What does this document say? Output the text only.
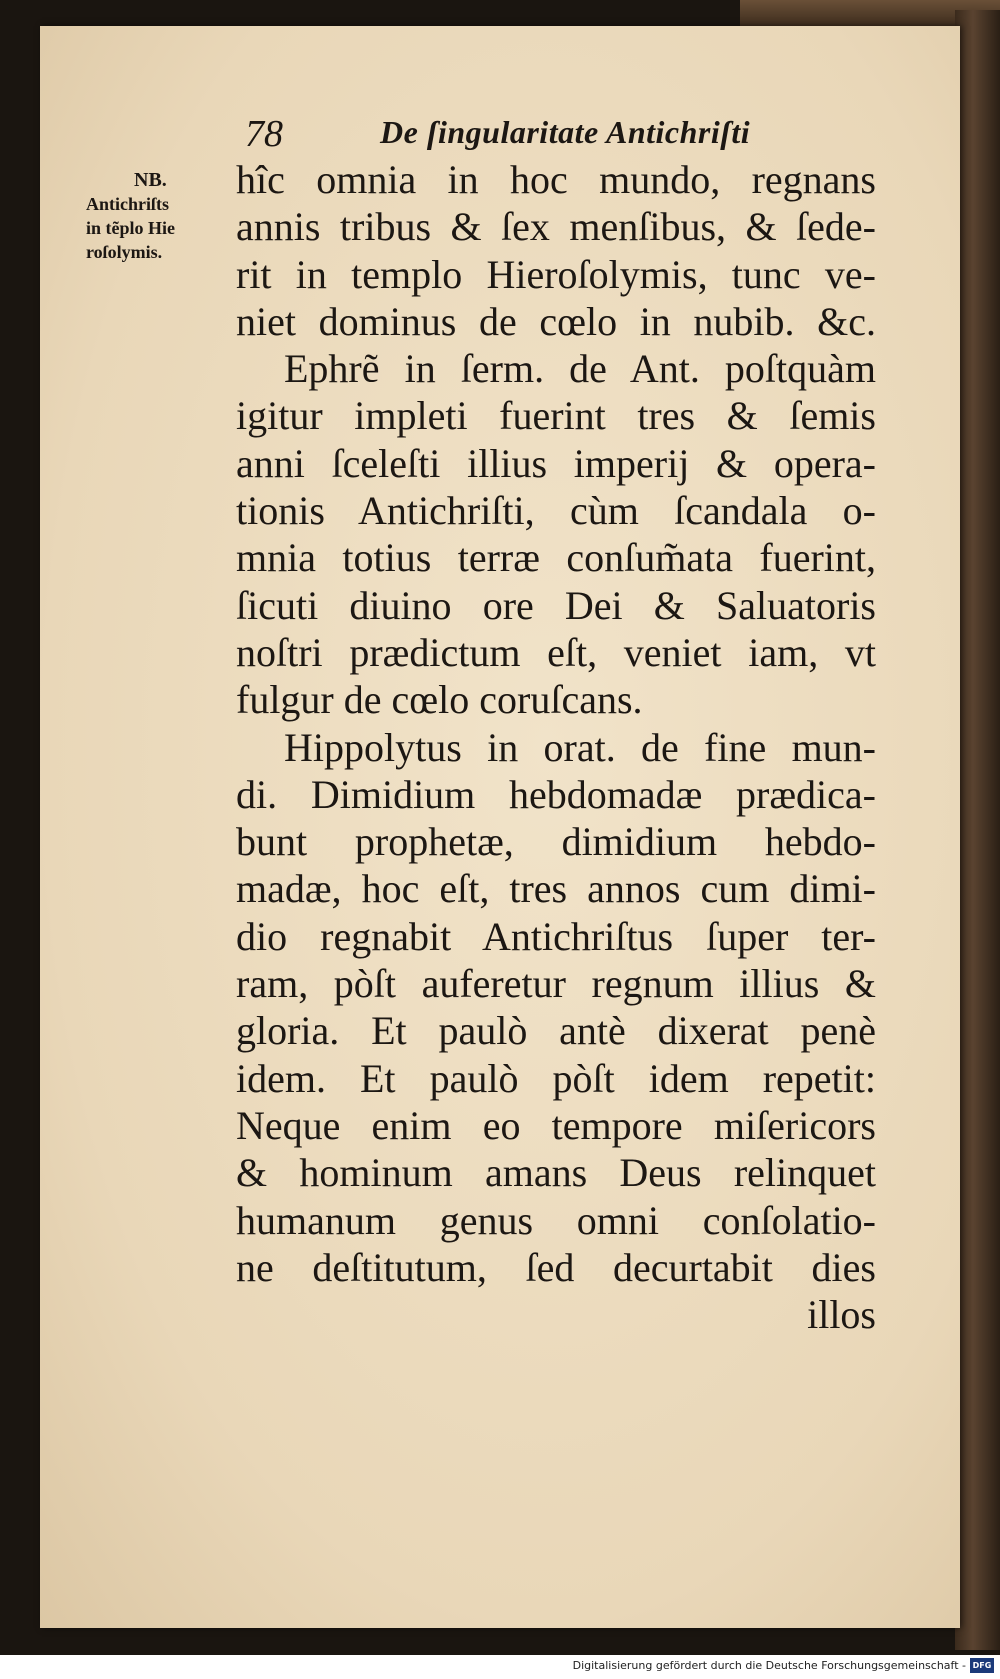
78	De ſingularitate Antichriſti
NB.
Antichriſts
in tẽplo Hie
roſolymis.
hîc omnia in hoc mundo, regnans
annis tribus & ſex menſibus, & ſede-
rit in templo Hieroſolymis, tunc ve-
niet dominus de cœlo in nubib. &c.
Ephrẽ in ſerm. de Ant. poſtquàm
igitur impleti fuerint tres & ſemis
anni ſceleſti illius imperij & opera-
tionis Antichriſti, cùm ſcandala o-
mnia totius terræ conſum̃ata fuerint,
ſicuti diuino ore Dei & Saluatoris
noſtri prædictum eſt, veniet iam, vt
fulgur de cœlo coruſcans.
Hippolytus in orat. de fine mun-
di. Dimidium hebdomadæ prædica-
bunt prophetæ, dimidium hebdo-
madæ, hoc eſt, tres annos cum dimi-
dio regnabit Antichriſtus ſuper ter-
ram, pòſt auferetur regnum illius &
gloria. Et paulò antè dixerat penè
idem. Et paulò pòſt idem repetit:
Neque enim eo tempore miſericors
& hominum amans Deus relinquet
humanum genus omni conſolatio-
ne deſtitutum, ſed decurtabit dies
illos
Digitalisierung gefördert durch die Deutsche Forschungsgemeinschaft - DFG
